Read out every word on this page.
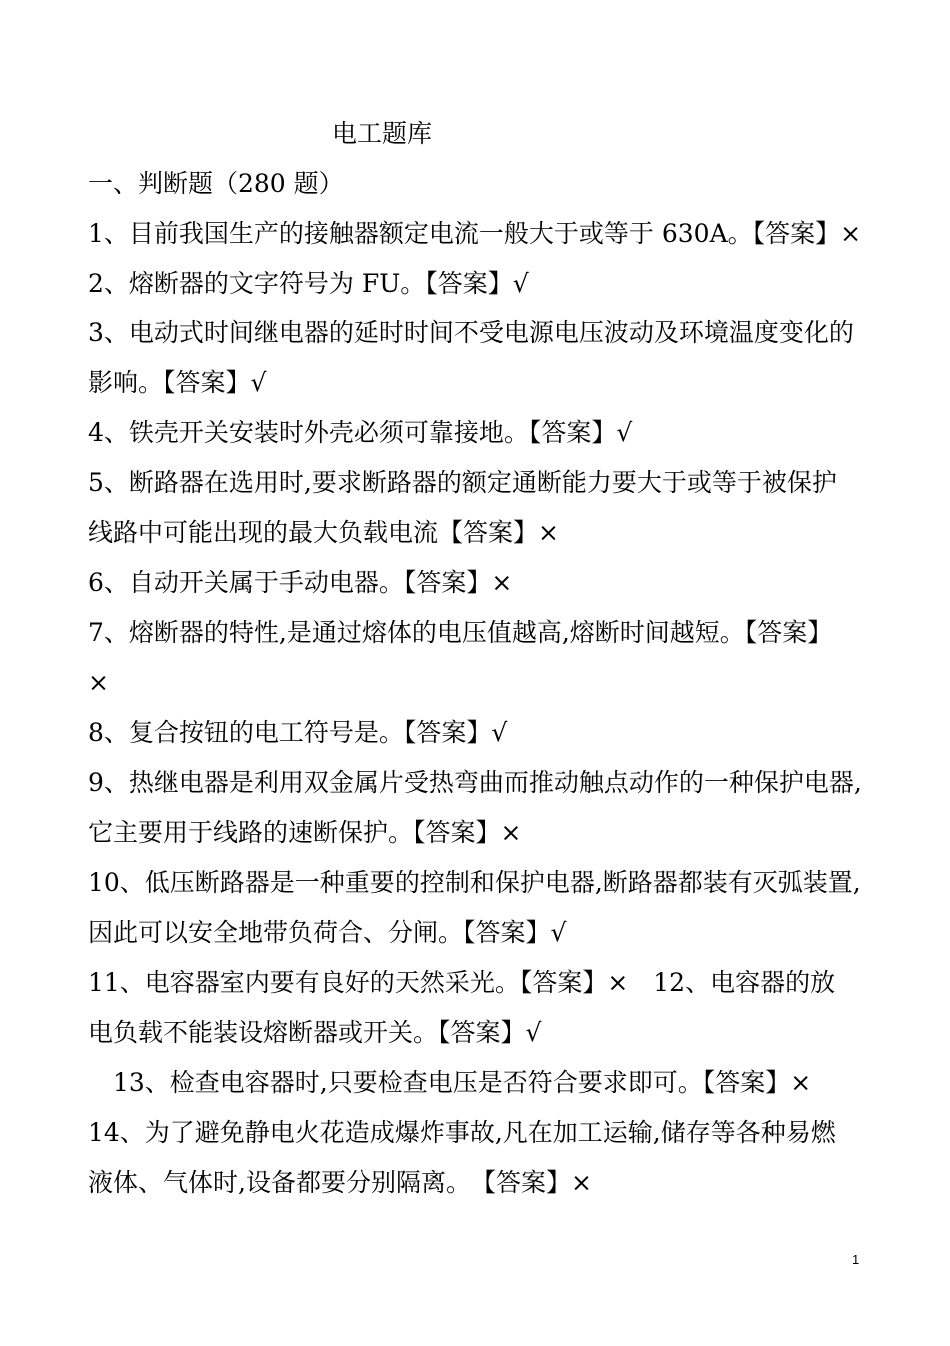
电工题库
一、判断题（280 题）
1、目前我国生产的接触器额定电流一般大于或等于 630A。【答案】×
2、熔断器的文字符号为 FU。【答案】√
3、电动式时间继电器的延时时间不受电源电压波动及环境温度变化的
影响。【答案】√
4、铁壳开关安装时外壳必须可靠接地。【答案】√
5、断路器在选用时,要求断路器的额定通断能力要大于或等于被保护
线路中可能出现的最大负载电流【答案】×
6、自动开关属于手动电器。【答案】×
7、熔断器的特性,是通过熔体的电压值越高,熔断时间越短。【答案】
×
8、复合按钮的电工符号是。【答案】√
9、热继电器是利用双金属片受热弯曲而推动触点动作的一种保护电器,
它主要用于线路的速断保护。【答案】×
10、低压断路器是一种重要的控制和保护电器,断路器都装有灭弧装置,
因此可以安全地带负荷合、分闸。【答案】√
11、电容器室内要有良好的天然采光。【答案】×　12、电容器的放
电负载不能装设熔断器或开关。【答案】√
　13、检查电容器时,只要检查电压是否符合要求即可。【答案】×
14、为了避免静电火花造成爆炸事故,凡在加工运输,储存等各种易燃
液体、气体时,设备都要分别隔离。　【答案】×
1
